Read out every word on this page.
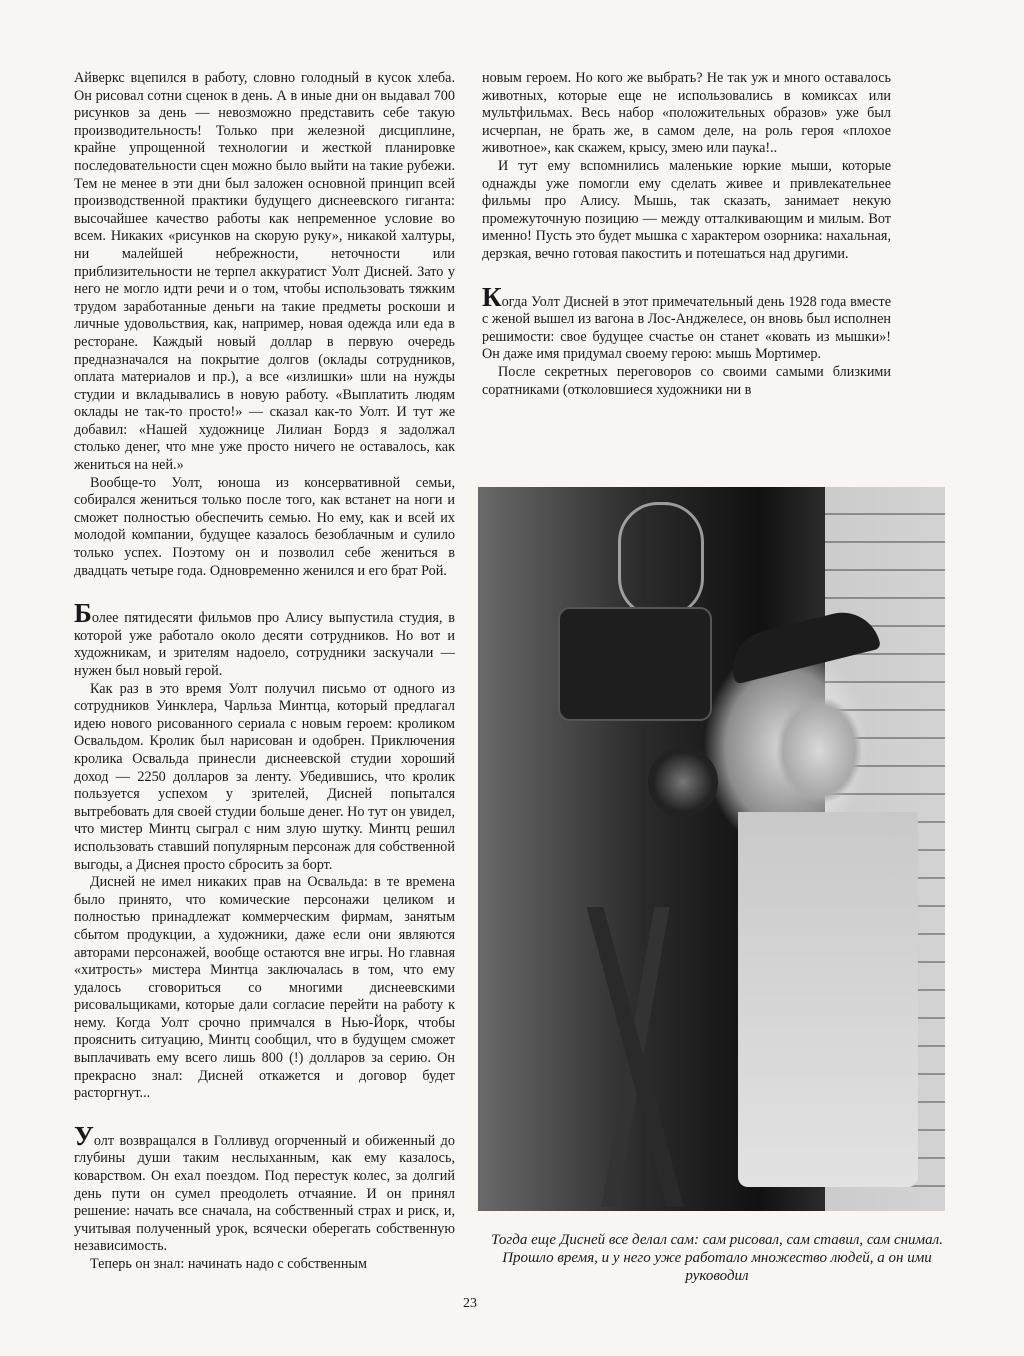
Айверкс вцепился в работу, словно голодный в кусок хлеба. Он рисовал сотни сценок в день. А в иные дни он выдавал 700 рисунков за день — невозможно представить себе такую производительность! Только при железной дисциплине, крайне упрощенной технологии и жесткой планировке последовательности сцен можно было выйти на такие рубежи. Тем не менее в эти дни был заложен основной принцип всей производственной практики будущего диснеевского гиганта: высочайшее качество работы как непременное условие во всем. Никаких «рисунков на скорую руку», никакой халтуры, ни малейшей небрежности, неточности или приблизительности не терпел аккуратист Уолт Дисней. Зато у него не могло идти речи и о том, чтобы использовать тяжким трудом заработанные деньги на такие предметы роскоши и личные удовольствия, как, например, новая одежда или еда в ресторане. Каждый новый доллар в первую очередь предназначался на покрытие долгов (оклады сотрудников, оплата материалов и пр.), а все «излишки» шли на нужды студии и вкладывались в новую работу. «Выплатить людям оклады не так-то просто!» — сказал как-то Уолт. И тут же добавил: «Нашей художнице Лилиан Бордз я задолжал столько денег, что мне уже просто ничего не оставалось, как жениться на ней.»

Вообще-то Уолт, юноша из консервативной семьи, собирался жениться только после того, как встанет на ноги и сможет полностью обеспечить семью. Но ему, как и всей их молодой компании, будущее казалось безоблачным и сулило только успех. Поэтому он и позволил себе жениться в двадцать четыре года. Одновременно женился и его брат Рой.

Более пятидесяти фильмов про Алису выпустила студия, в которой уже работало около десяти сотрудников. Но вот и художникам, и зрителям надоело, сотрудники заскучали — нужен был новый герой.

Как раз в это время Уолт получил письмо от одного из сотрудников Уинклера, Чарльза Минтца, который предлагал идею нового рисованного сериала с новым героем: кроликом Освальдом. Кролик был нарисован и одобрен. Приключения кролика Освальда принесли диснеевской студии хороший доход — 2250 долларов за ленту. Убедившись, что кролик пользуется успехом у зрителей, Дисней попытался вытребовать для своей студии больше денег. Но тут он увидел, что мистер Минтц сыграл с ним злую шутку. Минтц решил использовать ставший популярным персонаж для собственной выгоды, а Диснея просто сбросить за борт.

Дисней не имел никаких прав на Освальда: в те времена было принято, что комические персонажи целиком и полностью принадлежат коммерческим фирмам, занятым сбытом продукции, а художники, даже если они являются авторами персонажей, вообще остаются вне игры. Но главная «хитрость» мистера Минтца заключалась в том, что ему удалось сговориться со многими диснеевскими рисовальщиками, которые дали согласие перейти на работу к нему. Когда Уолт срочно примчался в Нью-Йорк, чтобы прояснить ситуацию, Минтц сообщил, что в будущем сможет выплачивать ему всего лишь 800 (!) долларов за серию. Он прекрасно знал: Дисней откажется и договор будет расторгнут...

Уолт возвращался в Голливуд огорченный и обиженный до глубины души таким неслыханным, как ему казалось, коварством. Он ехал поездом. Под перестук колес, за долгий день пути он сумел преодолеть отчаяние. И он принял решение: начать все сначала, на собственный страх и риск, и, учитывая полученный урок, всячески оберегать собственную независимость.

Теперь он знал: начинать надо с собственным

новым героем. Но кого же выбрать? Не так уж и много оставалось животных, которые еще не использовались в комиксах или мультфильмах. Весь набор «положительных образов» уже был исчерпан, не брать же, в самом деле, на роль героя «плохое животное», как скажем, крысу, змею или паука!..

И тут ему вспомнились маленькие юркие мыши, которые однажды уже помогли ему сделать живее и привлекательнее фильмы про Алису. Мышь, так сказать, занимает некую промежуточную позицию — между отталкивающим и милым. Вот именно! Пусть это будет мышка с характером озорника: нахальная, дерзкая, вечно готовая пакостить и потешаться над другими.

Когда Уолт Дисней в этот примечательный день 1928 года вместе с женой вышел из вагона в Лос-Анджелесе, он вновь был исполнен решимости: свое будущее счастье он станет «ковать из мышки»! Он даже имя придумал своему герою: мышь Мортимер.

После секретных переговоров со своими самыми близкими соратниками (отколовшиеся художники ни в

Тогда еще Дисней все делал сам: сам рисовал, сам ставил, сам снимал. Прошло время, и у него уже работало множество людей, а он ими руководил
23
